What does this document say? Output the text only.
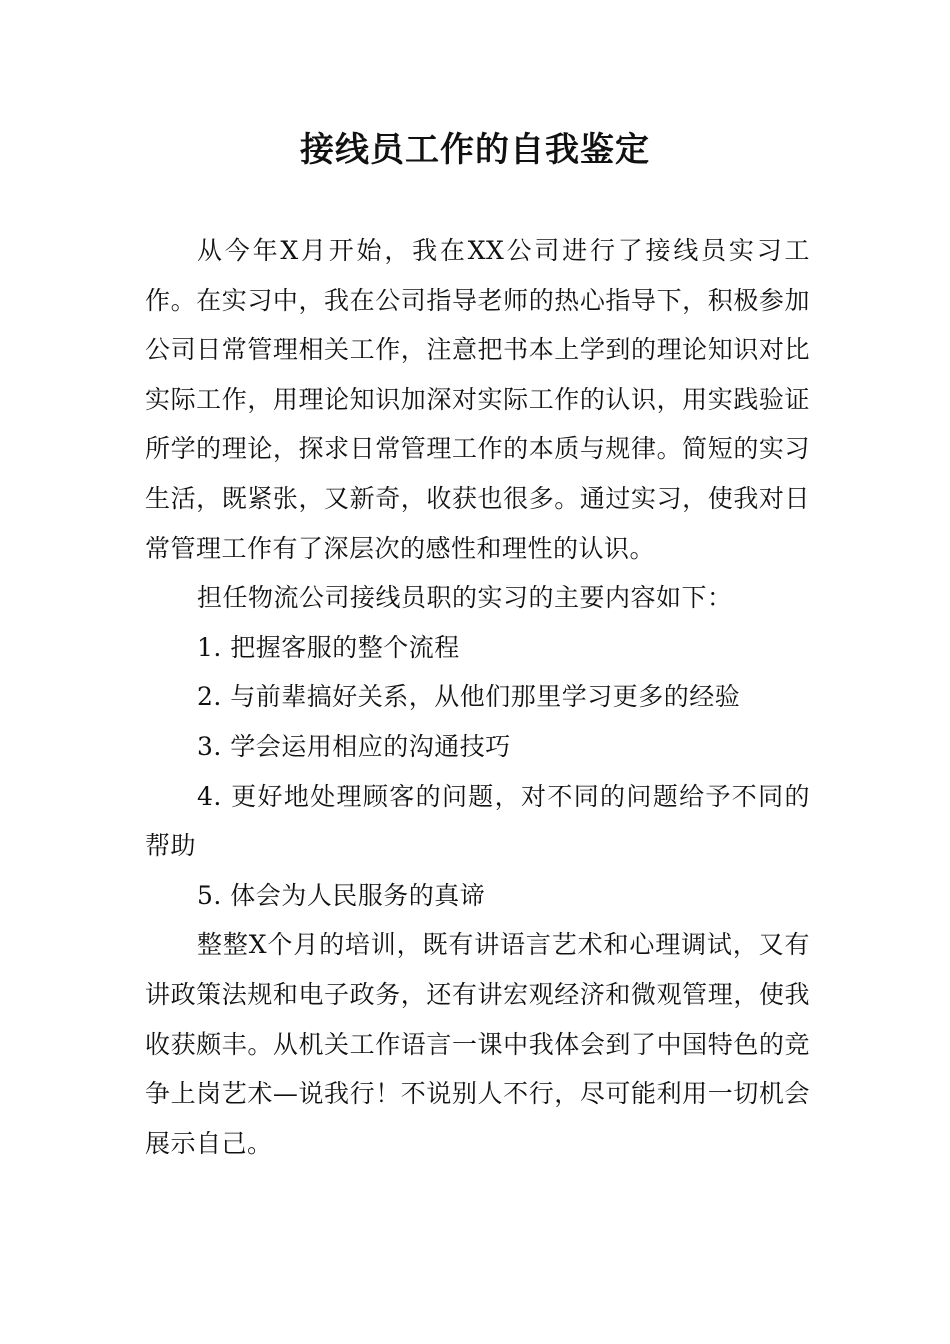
接线员工作的自我鉴定

从今年X月开始，我在XX公司进行了接线员实习工作。在实习中，我在公司指导老师的热心指导下，积极参加公司日常管理相关工作，注意把书本上学到的理论知识对比实际工作，用理论知识加深对实际工作的认识，用实践验证所学的理论，探求日常管理工作的本质与规律。简短的实习生活，既紧张，又新奇，收获也很多。通过实习，使我对日常管理工作有了深层次的感性和理性的认识。

担任物流公司接线员职的实习的主要内容如下：

1. 把握客服的整个流程

2. 与前辈搞好关系，从他们那里学习更多的经验

3. 学会运用相应的沟通技巧

4. 更好地处理顾客的问题，对不同的问题给予不同的帮助

5. 体会为人民服务的真谛

整整X个月的培训，既有讲语言艺术和心理调试，又有讲政策法规和电子政务，还有讲宏观经济和微观管理，使我收获颇丰。从机关工作语言一课中我体会到了中国特色的竞争上岗艺术—说我行！不说别人不行，尽可能利用一切机会展示自己。
